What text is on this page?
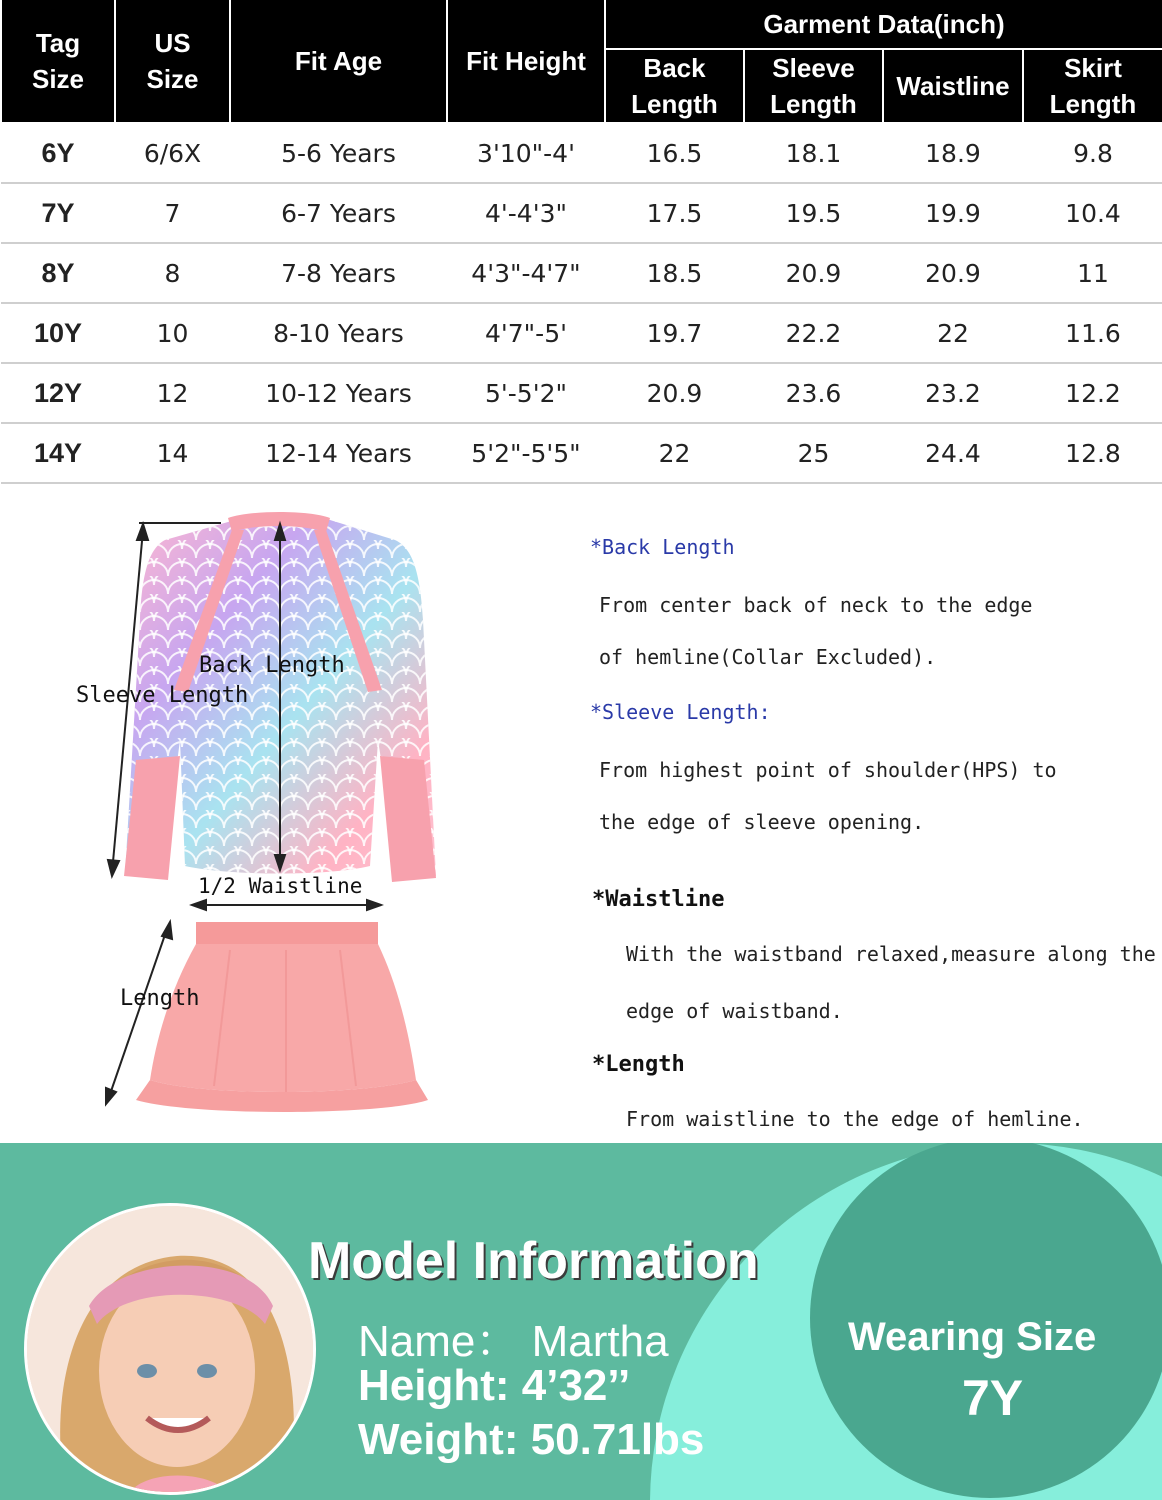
Tag Size	US Size	Fit Age	Fit Height	Garment Data(inch)			
				Back Length	Sleeve Length	Waistline	Skirt Length
6Y	6/6X	5-6 Years	3'10"-4'	16.5	18.1	18.9	9.8
7Y	7	6-7 Years	4'-4'3"	17.5	19.5	19.9	10.4
8Y	8	7-8 Years	4'3"-4'7"	18.5	20.9	20.9	11
10Y	10	8-10 Years	4'7"-5'	19.7	22.2	22	11.6
12Y	12	10-12 Years	5'-5'2"	20.9	23.6	23.2	12.2
14Y	14	12-14 Years	5'2"-5'5"	22	25	24.4	12.8
Back Length
Sleeve Length
1/2 Waistline
Length
*Back Length
From center back of neck to the edge
of hemline(Collar Excluded).
*Sleeve Length:
From highest point of shoulder(HPS) to
the edge of sleeve opening.
*Waistline
With the waistband relaxed,measure along the
edge of waistband.
*Length
From waistline to the edge of hemline.
Model Information
Name： Martha
Height: 4’32’’
Weight: 50.71lbs
Wearing Size
7Y
